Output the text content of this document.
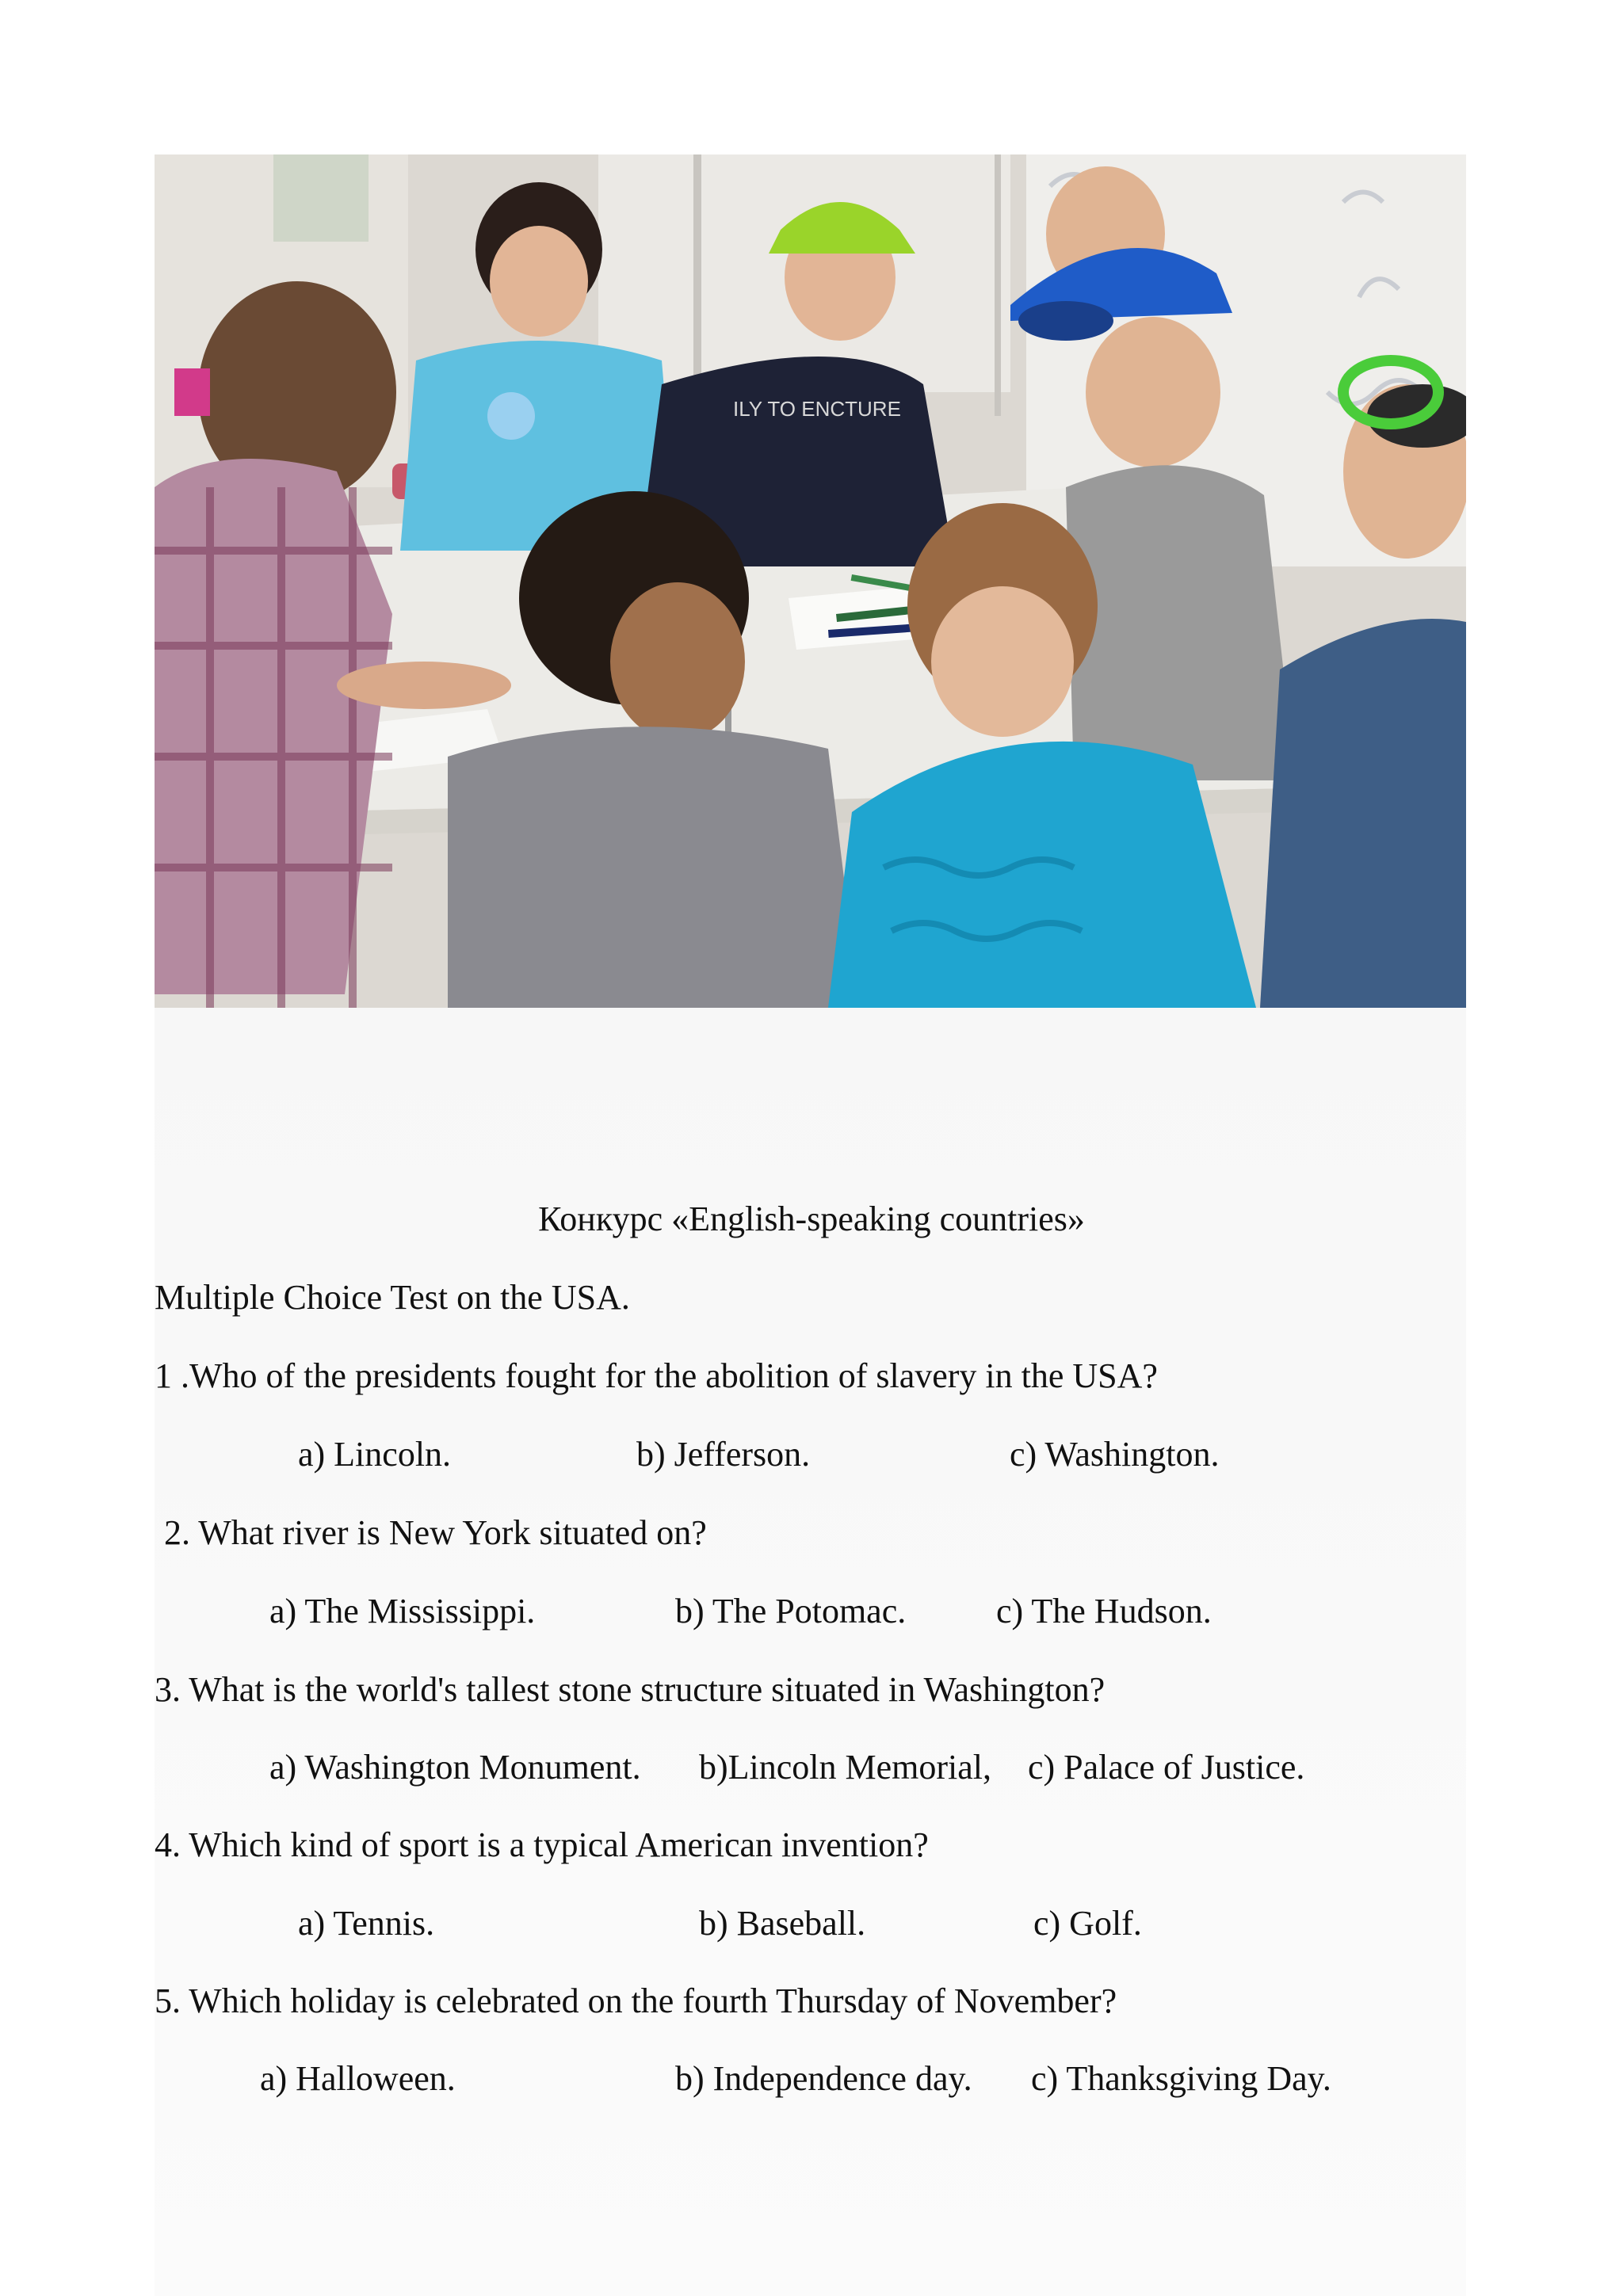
ILY TO ENCTURE
Конкурс «English-speaking countries»
Multiple Choice Test on the USA.
1 .Who of the presidents fought for the abolition of slavery in the USA?
a) Lincoln.	b) Jefferson.	c) Washington.
2. What river is New York situated on?
a) The Mississippi.	b) The Potomac.	c) The Hudson.
3. What is the world's tallest stone structure situated in Washington?
a) Washington Monument. b)Lincoln Memorial, c) Palace of Justice.
4. Which kind of sport is a typical American invention?
a) Tennis.	b) Baseball.	c) Golf.
5. Which holiday is celebrated on the fourth Thursday of November?
a) Halloween.	b) Independence day. c) Thanksgiving Day.
